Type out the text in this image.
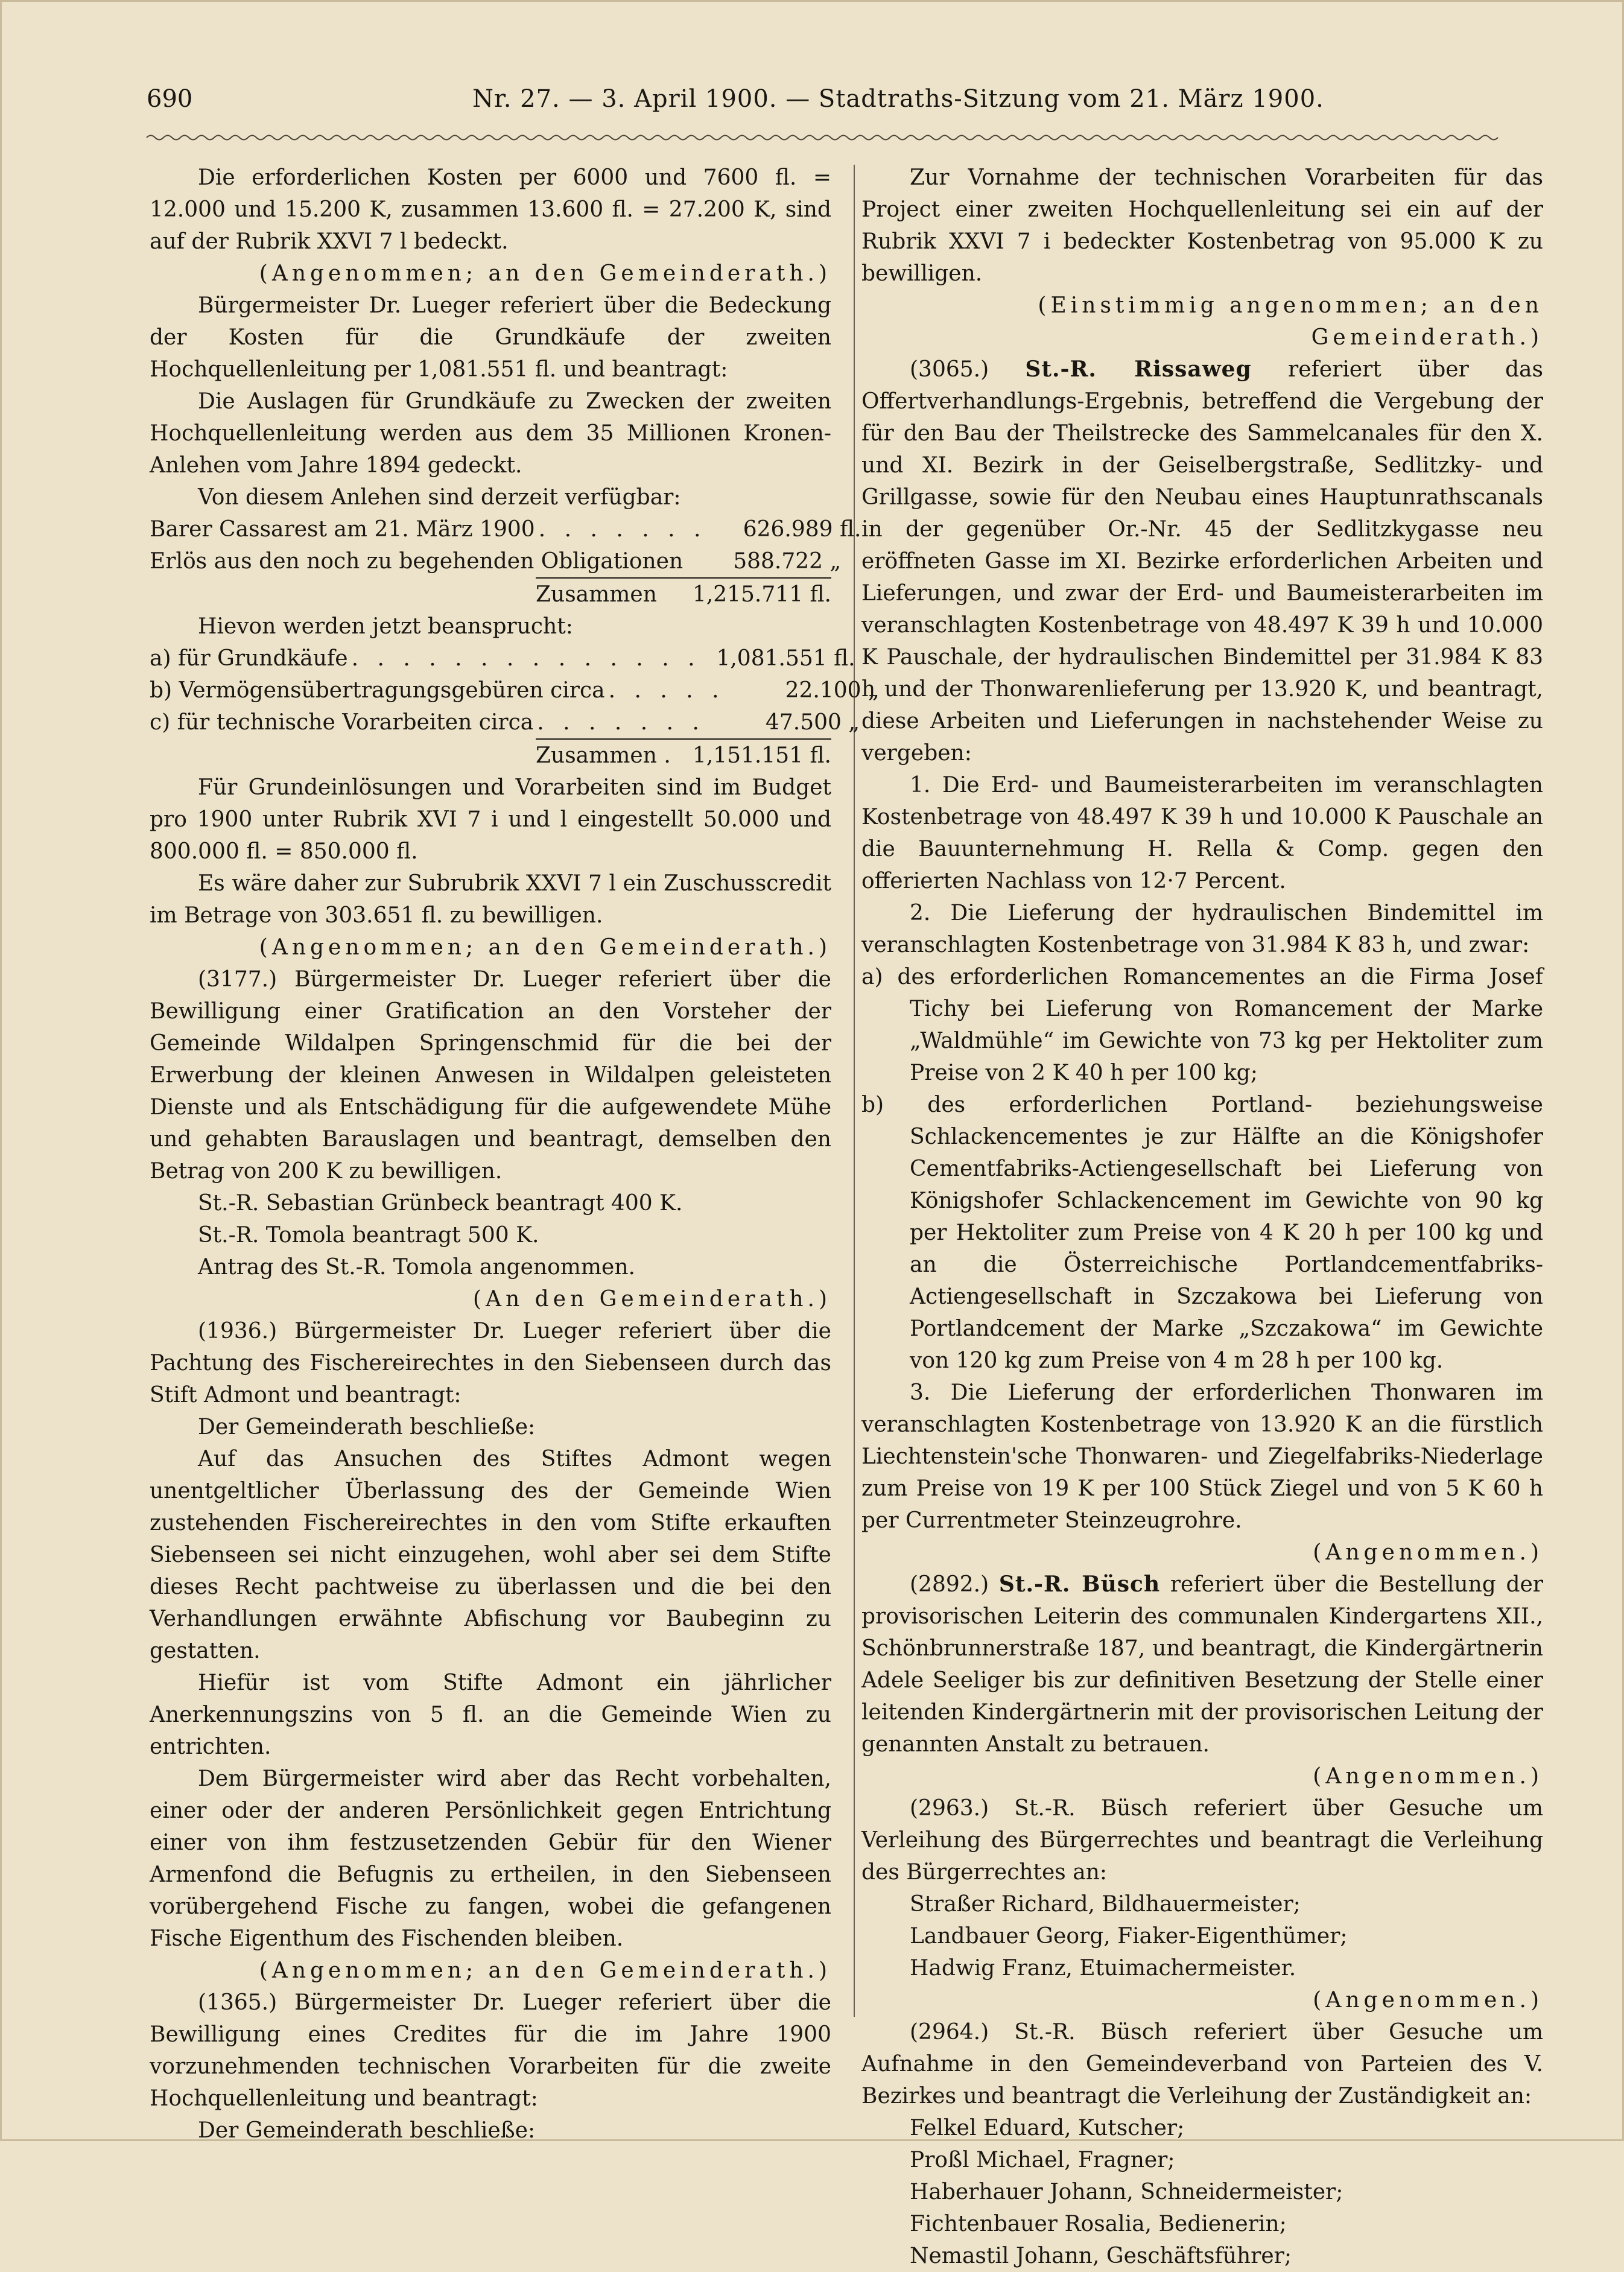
690	Nr. 27. — 3. April 1900. — Stadtraths-Sitzung vom 21. März 1900.

Die erforderlichen Kosten per 6000 und 7600 fl. = 12.000 und 15.200 K, zusammen 13.600 fl. = 27.200 K, sind auf der Rubrik XXVI 7 l bedeckt.

(Angenommen; an den Gemeinderath.)

Bürgermeister Dr. Lueger referiert über die Bedeckung der Kosten für die Grundkäufe der zweiten Hochquellenleitung per 1,081.551 fl. und beantragt:

Die Auslagen für Grundkäufe zu Zwecken der zweiten Hochquellenleitung werden aus dem 35 Millionen Kronen-Anlehen vom Jahre 1894 gedeckt.

Von diesem Anlehen sind derzeit verfügbar:

Barer Cassarest am 21. März 1900 . . . . . . .	626.989 fl.
Erlös aus den noch zu begehenden Obligationen	588.722 „
Zusammen	1,215.711 fl.

Hievon werden jetzt beansprucht:

a) für Grundkäufe . . . . . . . . . . . . . . 1,081.551 fl.
b) Vermögensübertragungsgebüren circa . . . . .	22.100 „
c) für technische Vorarbeiten circa . . . . . . .	47.500 „
Zusammen .	1,151.151 fl.

Für Grundeinlösungen und Vorarbeiten sind im Budget pro 1900 unter Rubrik XVI 7 i und l eingestellt 50.000 und 800.000 fl. = 850.000 fl.

Es wäre daher zur Subrubrik XXVI 7 l ein Zuschusscredit im Betrage von 303.651 fl. zu bewilligen.

(Angenommen; an den Gemeinderath.)

(3177.) Bürgermeister Dr. Lueger referiert über die Bewilligung einer Gratification an den Vorsteher der Gemeinde Wildalpen Springenschmid für die bei der Erwerbung der kleinen Anwesen in Wildalpen geleisteten Dienste und als Entschädigung für die aufgewendete Mühe und gehabten Barauslagen und beantragt, demselben den Betrag von 200 K zu bewilligen.

St.-R. Sebastian Grünbeck beantragt 400 K.

St.-R. Tomola beantragt 500 K.

Antrag des St.-R. Tomola angenommen.

(An den Gemeinderath.)

(1936.) Bürgermeister Dr. Lueger referiert über die Pachtung des Fischereirechtes in den Siebenseen durch das Stift Admont und beantragt:

Der Gemeinderath beschließe:

Auf das Ansuchen des Stiftes Admont wegen unentgeltlicher Überlassung des der Gemeinde Wien zustehenden Fischereirechtes in den vom Stifte erkauften Siebenseen sei nicht einzugehen, wohl aber sei dem Stifte dieses Recht pachtweise zu überlassen und die bei den Verhandlungen erwähnte Abfischung vor Baubeginn zu gestatten.

Hiefür ist vom Stifte Admont ein jährlicher Anerkennungszins von 5 fl. an die Gemeinde Wien zu entrichten.

Dem Bürgermeister wird aber das Recht vorbehalten, einer oder der anderen Persönlichkeit gegen Entrichtung einer von ihm festzusetzenden Gebür für den Wiener Armenfond die Befugnis zu ertheilen, in den Siebenseen vorübergehend Fische zu fangen, wobei die gefangenen Fische Eigenthum des Fischenden bleiben.

(Angenommen; an den Gemeinderath.)

(1365.) Bürgermeister Dr. Lueger referiert über die Bewilligung eines Credites für die im Jahre 1900 vorzunehmenden technischen Vorarbeiten für die zweite Hochquellenleitung und beantragt:

Der Gemeinderath beschließe:

Zur Vornahme der technischen Vorarbeiten für das Project einer zweiten Hochquellenleitung sei ein auf der Rubrik XXVI 7 i bedeckter Kostenbetrag von 95.000 K zu bewilligen.

(Einstimmig angenommen; an den Gemeinderath.)

(3065.) St.-R. Rissaweg referiert über das Offertverhandlungs-Ergebnis, betreffend die Vergebung der für den Bau der Theilstrecke des Sammelcanales für den X. und XI. Bezirk in der Geiselbergstraße, Sedlitzky- und Grillgasse, sowie für den Neubau eines Hauptunrathscanals in der gegenüber Or.-Nr. 45 der Sedlitzkygasse neu eröffneten Gasse im XI. Bezirke erforderlichen Arbeiten und Lieferungen, und zwar der Erd- und Baumeisterarbeiten im veranschlagten Kostenbetrage von 48.497 K 39 h und 10.000 K Pauschale, der hydraulischen Bindemittel per 31.984 K 83 h und der Thonwarenlieferung per 13.920 K, und beantragt, diese Arbeiten und Lieferungen in nachstehender Weise zu vergeben:

1. Die Erd- und Baumeisterarbeiten im veranschlagten Kostenbetrage von 48.497 K 39 h und 10.000 K Pauschale an die Bauunternehmung H. Rella & Comp. gegen den offerierten Nachlass von 12·7 Percent.

2. Die Lieferung der hydraulischen Bindemittel im veranschlagten Kostenbetrage von 31.984 K 83 h, und zwar:

a) des erforderlichen Romancementes an die Firma Josef Tichy bei Lieferung von Romancement der Marke „Waldmühle“ im Gewichte von 73 kg per Hektoliter zum Preise von 2 K 40 h per 100 kg;

b) des erforderlichen Portland- beziehungsweise Schlackencementes je zur Hälfte an die Königshofer Cementfabriks-Actiengesellschaft bei Lieferung von Königshofer Schlackencement im Gewichte von 90 kg per Hektoliter zum Preise von 4 K 20 h per 100 kg und an die Österreichische Portlandcementfabriks-Actiengesellschaft in Szczakowa bei Lieferung von Portlandcement der Marke „Szczakowa“ im Gewichte von 120 kg zum Preise von 4 m 28 h per 100 kg.

3. Die Lieferung der erforderlichen Thonwaren im veranschlagten Kostenbetrage von 13.920 K an die fürstlich Liechtenstein'sche Thonwaren- und Ziegelfabriks-Niederlage zum Preise von 19 K per 100 Stück Ziegel und von 5 K 60 h per Currentmeter Steinzeugrohre.

(Angenommen.)

(2892.) St.-R. Büsch referiert über die Bestellung der provisorischen Leiterin des communalen Kindergartens XII., Schönbrunnerstraße 187, und beantragt, die Kindergärtnerin Adele Seeliger bis zur definitiven Besetzung der Stelle einer leitenden Kindergärtnerin mit der provisorischen Leitung der genannten Anstalt zu betrauen.

(Angenommen.)

(2963.) St.-R. Büsch referiert über Gesuche um Verleihung des Bürgerrechtes und beantragt die Verleihung des Bürgerrechtes an:

Straßer Richard, Bildhauermeister;
Landbauer Georg, Fiaker-Eigenthümer;
Hadwig Franz, Etuimachermeister.

(Angenommen.)

(2964.) St.-R. Büsch referiert über Gesuche um Aufnahme in den Gemeindeverband von Parteien des V. Bezirkes und beantragt die Verleihung der Zuständigkeit an:

Felkel Eduard, Kutscher;
Proßl Michael, Fragner;
Haberhauer Johann, Schneidermeister;
Fichtenbauer Rosalia, Bedienerin;
Nemastil Johann, Geschäftsführer;
